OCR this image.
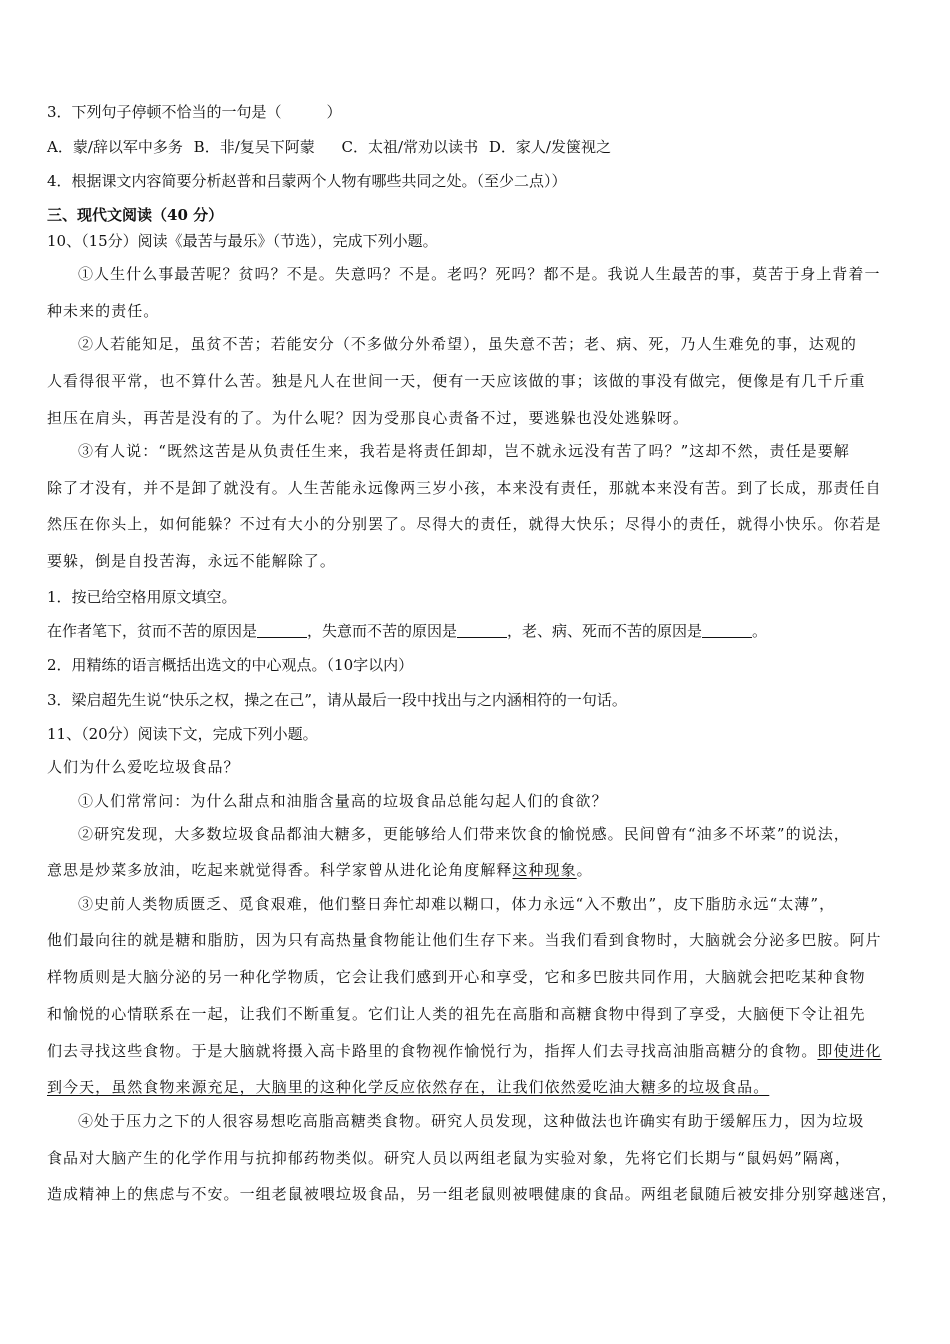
3．下列句子停顿不恰当的一句是（　　　）
A．蒙/辞以军中多务 B．非/复吴下阿蒙 C．太祖/常劝以读书 D．家人/发箧视之
4．根据课文内容简要分析赵普和吕蒙两个人物有哪些共同之处。（至少二点））
三、现代文阅读（40 分）
10、（15分）阅读《最苦与最乐》（节选），完成下列小题。
①人生什么事最苦呢？贫吗？不是。失意吗？不是。老吗？死吗？都不是。我说人生最苦的事，莫苦于身上背着一
种未来的责任。
②人若能知足，虽贫不苦；若能安分（不多做分外希望），虽失意不苦；老、病、死，乃人生难免的事，达观的
人看得很平常，也不算什么苦。独是凡人在世间一天，便有一天应该做的事；该做的事没有做完，便像是有几千斤重
担压在肩头，再苦是没有的了。为什么呢？因为受那良心责备不过，要逃躲也没处逃躲呀。
③有人说：“既然这苦是从负责任生来，我若是将责任卸却，岂不就永远没有苦了吗？”这却不然，责任是要解
除了才没有，并不是卸了就没有。人生苦能永远像两三岁小孩，本来没有责任，那就本来没有苦。到了长成，那责任自
然压在你头上，如何能躲？不过有大小的分别罢了。尽得大的责任，就得大快乐；尽得小的责任，就得小快乐。你若是
要躲，倒是自投苦海，永远不能解除了。
1．按已给空格用原文填空。
在作者笔下，贫而不苦的原因是	，失意而不苦的原因是	，老、病、死而不苦的原因是	。
2．用精练的语言概括出选文的中心观点。（10字以内）
3．梁启超先生说“快乐之权，操之在己”，请从最后一段中找出与之内涵相符的一句话。
11、（20分）阅读下文，完成下列小题。
人们为什么爱吃垃圾食品？
①人们常常问：为什么甜点和油脂含量高的垃圾食品总能勾起人们的食欲？
②研究发现，大多数垃圾食品都油大糖多，更能够给人们带来饮食的愉悦感。民间曾有“油多不坏菜”的说法，
意思是炒菜多放油，吃起来就觉得香。科学家曾从进化论角度解释这种现象。
③史前人类物质匮乏、觅食艰难，他们整日奔忙却难以糊口，体力永远“入不敷出”，皮下脂肪永远“太薄”，
他们最向往的就是糖和脂肪，因为只有高热量食物能让他们生存下来。当我们看到食物时，大脑就会分泌多巴胺。阿片
样物质则是大脑分泌的另一种化学物质，它会让我们感到开心和享受，它和多巴胺共同作用，大脑就会把吃某种食物
和愉悦的心情联系在一起，让我们不断重复。它们让人类的祖先在高脂和高糖食物中得到了享受，大脑便下令让祖先
们去寻找这些食物。于是大脑就将摄入高卡路里的食物视作愉悦行为，指挥人们去寻找高油脂高糖分的食物。即使进化
到今天，虽然食物来源充足，大脑里的这种化学反应依然存在，让我们依然爱吃油大糖多的垃圾食品。
④处于压力之下的人很容易想吃高脂高糖类食物。研究人员发现，这种做法也许确实有助于缓解压力，因为垃圾
食品对大脑产生的化学作用与抗抑郁药物类似。研究人员以两组老鼠为实验对象，先将它们长期与“鼠妈妈”隔离，
造成精神上的焦虑与不安。一组老鼠被喂垃圾食品，另一组老鼠则被喂健康的食品。两组老鼠随后被安排分别穿越迷宫，
